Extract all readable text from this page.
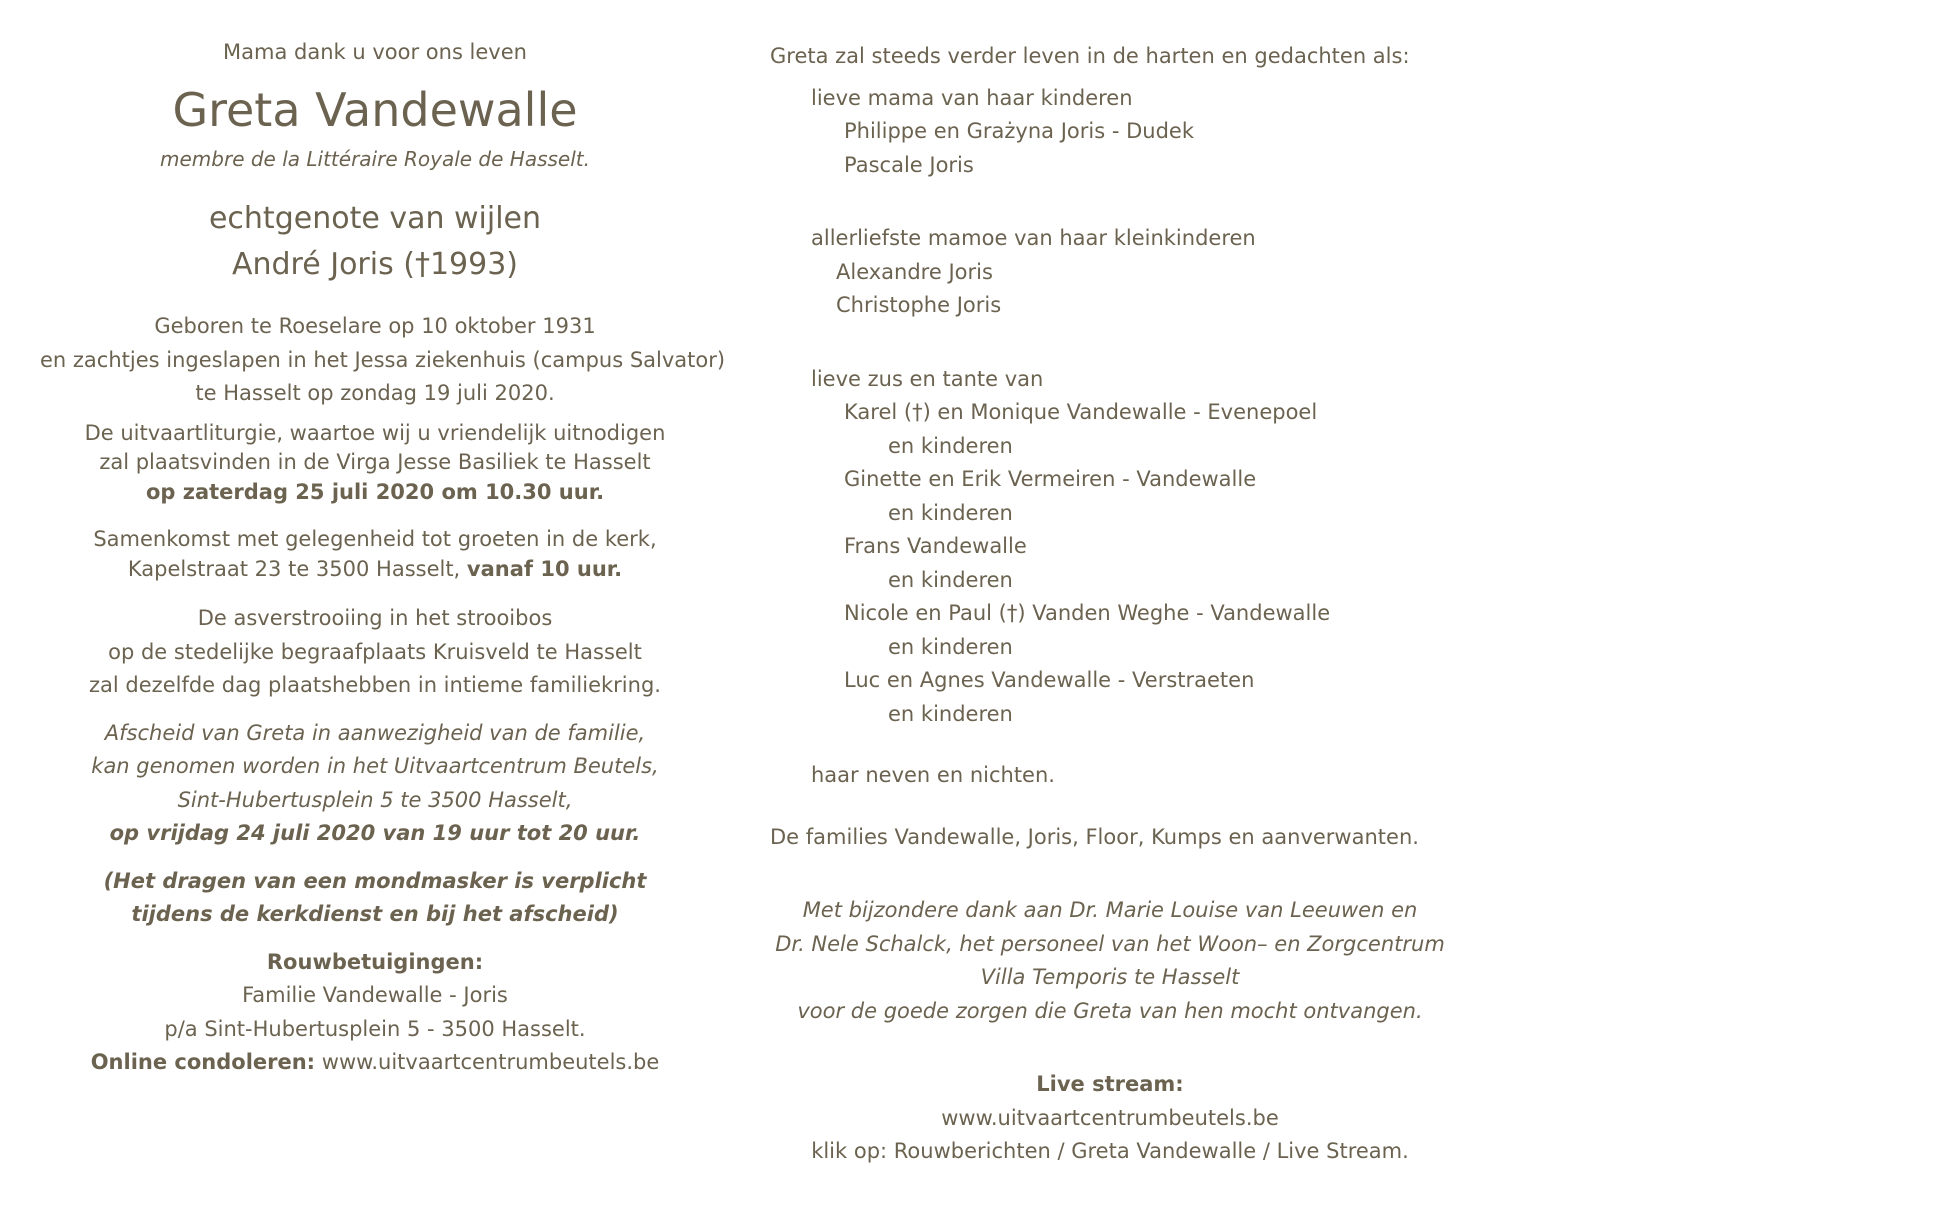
Mama dank u voor ons leven
Greta Vandewalle
membre de la Littéraire Royale de Hasselt.
echtgenote van wijlen
André Joris (†1993)
Geboren te Roeselare op 10 oktober 1931
en zachtjes ingeslapen in het Jessa ziekenhuis (campus Salvator)
te Hasselt op zondag 19 juli 2020.
De uitvaartliturgie, waartoe wij u vriendelijk uitnodigen
zal plaatsvinden in de Virga Jesse Basiliek te Hasselt
op zaterdag 25 juli 2020 om 10.30 uur.
Samenkomst met gelegenheid tot groeten in de kerk,
Kapelstraat 23 te 3500 Hasselt, vanaf 10 uur.
De asverstrooiing in het strooibos
op de stedelijke begraafplaats Kruisveld te Hasselt
zal dezelfde dag plaatshebben in intieme familiekring.
Afscheid van Greta in aanwezigheid van de familie,
kan genomen worden in het Uitvaartcentrum Beutels,
Sint-Hubertusplein 5 te 3500 Hasselt,
op vrijdag 24 juli 2020 van 19 uur tot 20 uur.
(Het dragen van een mondmasker is verplicht
tijdens de kerkdienst en bij het afscheid)
Rouwbetuigingen:
Familie Vandewalle - Joris
p/a Sint-Hubertusplein 5 - 3500 Hasselt.
Online condoleren: www.uitvaartcentrumbeutels.be
Greta zal steeds verder leven in de harten en gedachten als:
lieve mama van haar kinderen
Philippe en Grażyna Joris - Dudek
Pascale Joris
allerliefste mamoe van haar kleinkinderen
Alexandre Joris
Christophe Joris
lieve zus en tante van
Karel (†) en Monique Vandewalle - Evenepoel
en kinderen
Ginette en Erik Vermeiren - Vandewalle
en kinderen
Frans Vandewalle
en kinderen
Nicole en Paul (†) Vanden Weghe - Vandewalle
en kinderen
Luc en Agnes Vandewalle - Verstraeten
en kinderen
haar neven en nichten.
De families Vandewalle, Joris, Floor, Kumps en aanverwanten.
Met bijzondere dank aan Dr. Marie Louise van Leeuwen en
Dr. Nele Schalck, het personeel van het Woon– en Zorgcentrum
Villa Temporis te Hasselt
voor de goede zorgen die Greta van hen mocht ontvangen.
Live stream:
www.uitvaartcentrumbeutels.be
klik op: Rouwberichten / Greta Vandewalle / Live Stream.
